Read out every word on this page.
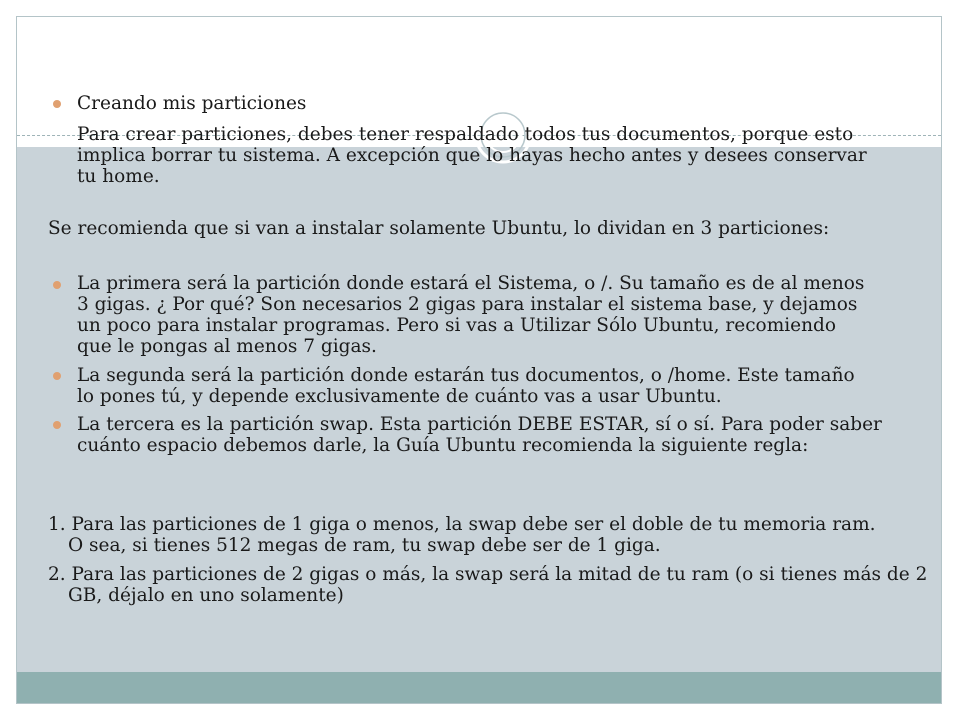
Creando mis particiones

Para crear particiones, debes tener respaldado todos tus documentos, porque esto implica borrar tu sistema. A excepción que lo hayas hecho antes y desees conservar tu home.

Se recomienda que si van a instalar solamente Ubuntu, lo dividan en 3 particiones:

La primera será la partición donde estará el Sistema, o /. Su tamaño es de al menos 3 gigas. ¿ Por qué? Son necesarios 2 gigas para instalar el sistema base, y dejamos un poco para instalar programas. Pero si vas a Utilizar Sólo Ubuntu, recomiendo que le pongas al menos 7 gigas.

La segunda será la partición donde estarán tus documentos, o /home. Este tamaño lo pones tú, y depende exclusivamente de cuánto vas a usar Ubuntu.

La tercera es la partición swap. Esta partición DEBE ESTAR, sí o sí. Para poder saber cuánto espacio debemos darle, la Guía Ubuntu recomienda la siguiente regla:

1. Para las particiones de 1 giga o menos, la swap debe ser el doble de tu memoria ram. O sea, si tienes 512 megas de ram, tu swap debe ser de 1 giga.

2. Para las particiones de 2 gigas o más, la swap será la mitad de tu ram (o si tienes más de 2 GB, déjalo en uno solamente)
